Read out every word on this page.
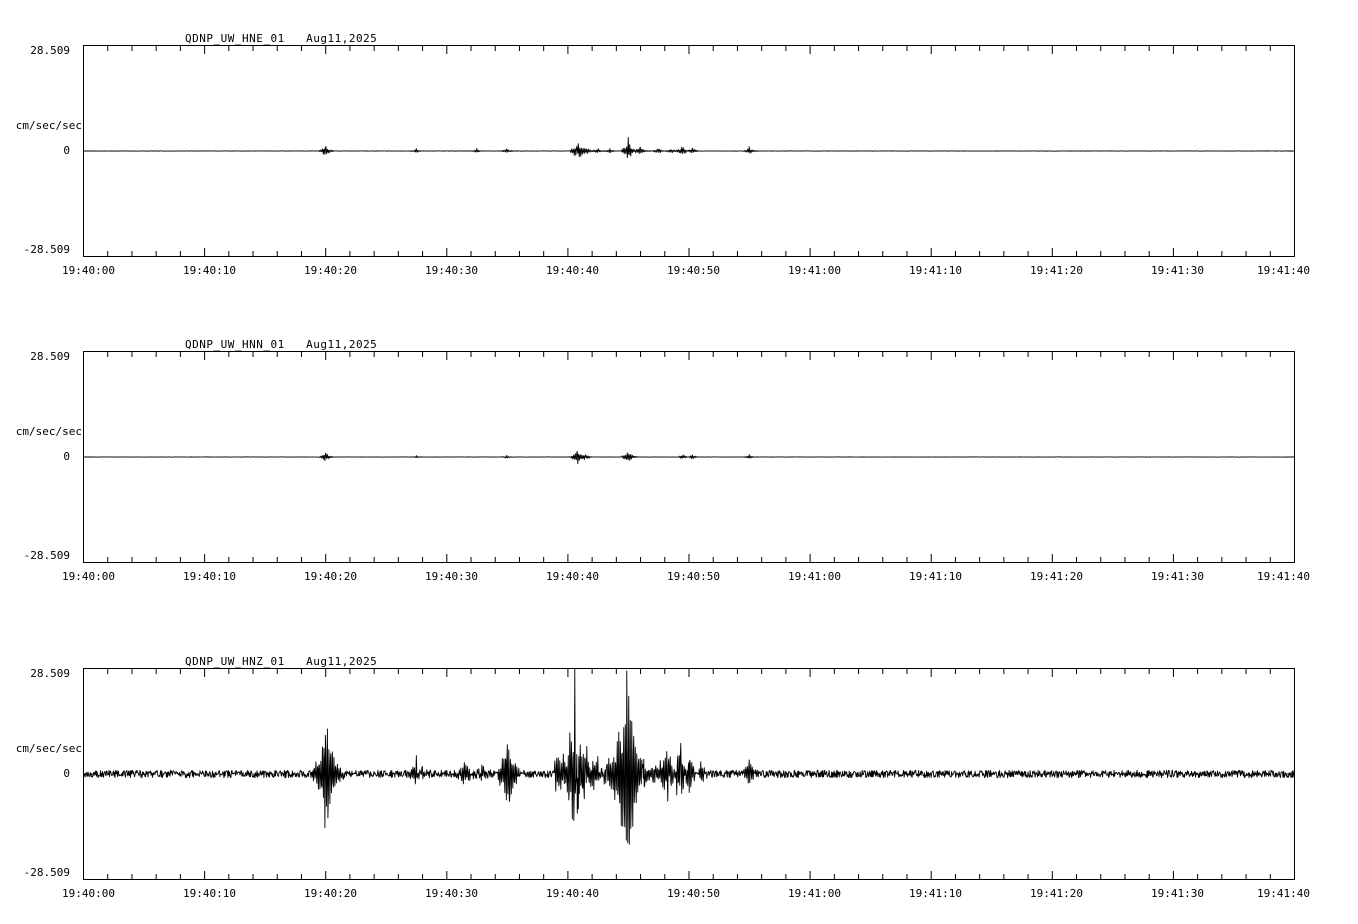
QDNP_UW_HNE_01   Aug11,2025
cm/sec/sec
28.509
0
-28.509
19:40:00	19:40:10	19:40:20	19:40:30	19:40:40	19:40:50	19:41:00	19:41:10	19:41:20	19:41:30	19:41:40
QDNP_UW_HNN_01   Aug11,2025
cm/sec/sec
28.509
0
-28.509
19:40:00	19:40:10	19:40:20	19:40:30	19:40:40	19:40:50	19:41:00	19:41:10	19:41:20	19:41:30	19:41:40
QDNP_UW_HNZ_01   Aug11,2025
cm/sec/sec
28.509
0
-28.509
19:40:00	19:40:10	19:40:20	19:40:30	19:40:40	19:40:50	19:41:00	19:41:10	19:41:20	19:41:30	19:41:40
